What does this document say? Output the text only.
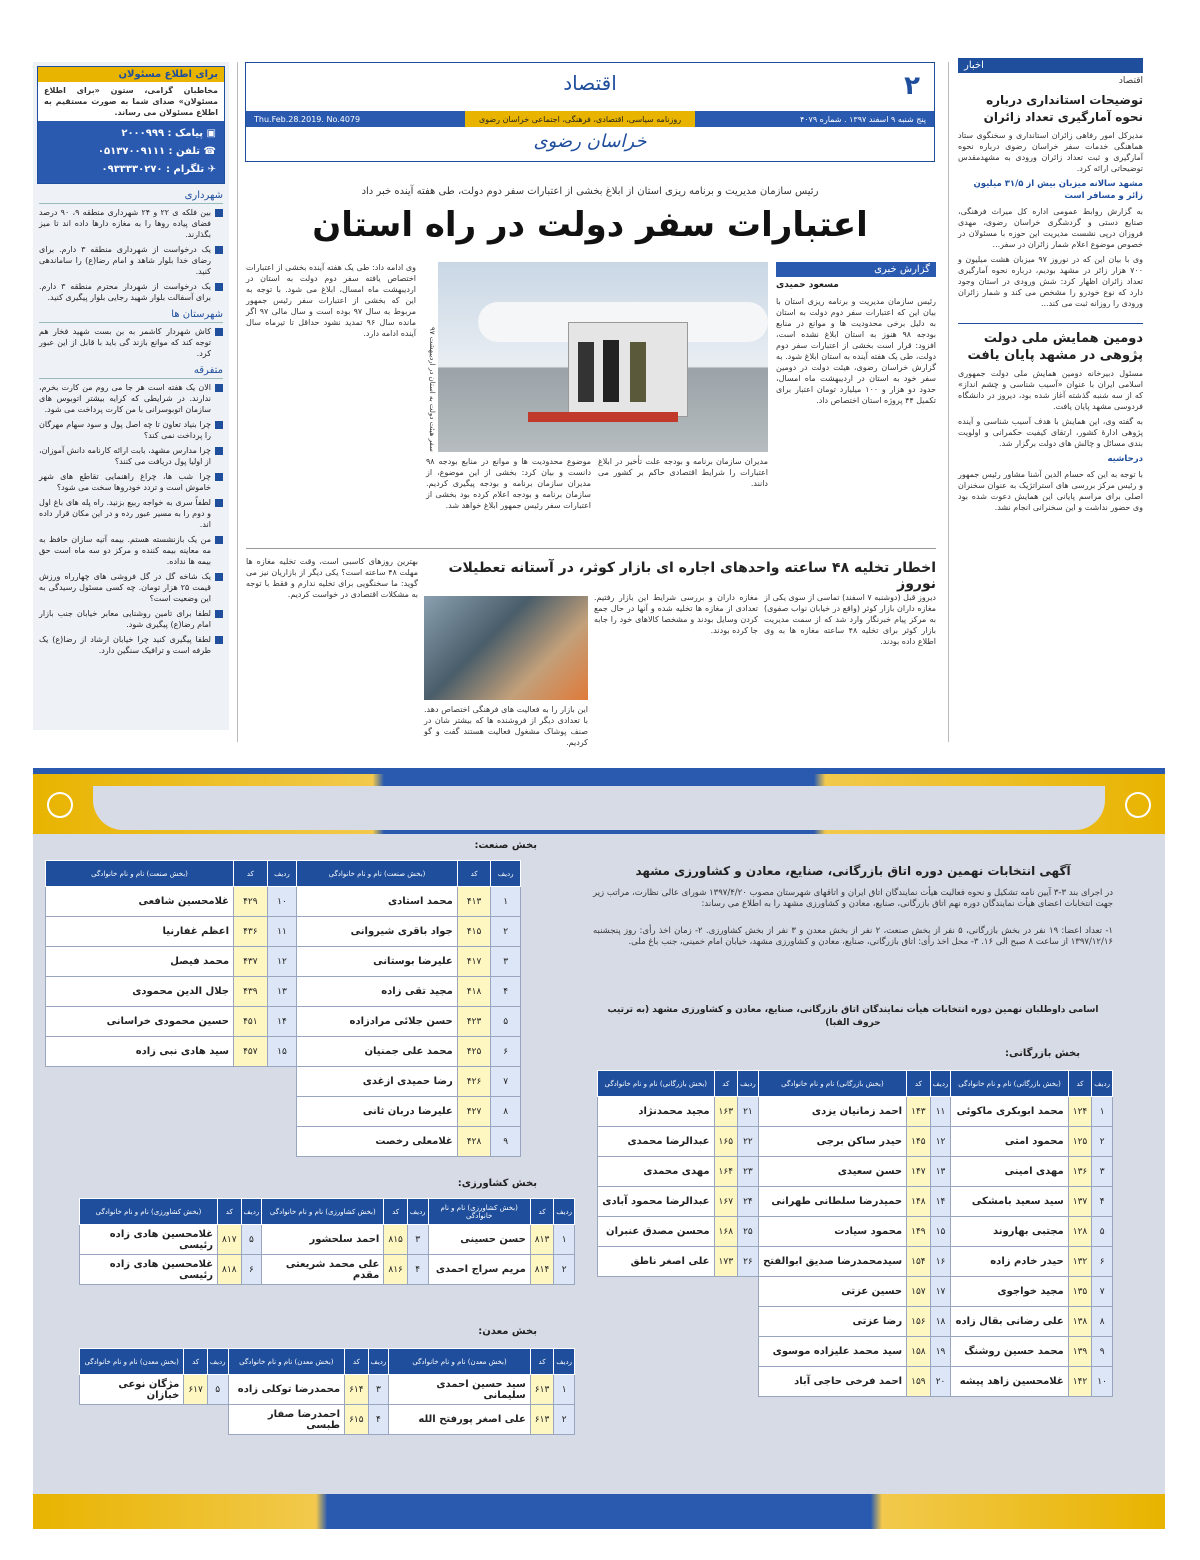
اخبار
اقتصاد
توضیحات استانداری درباره نحوه آمارگیری تعداد زائران
مدیرکل امور رفاهی زائران استانداری و سخنگوی ستاد هماهنگی خدمات سفر خراسان رضوی درباره نحوه آمارگیری و ثبت تعداد زائران ورودی به مشهدمقدس توضیحاتی ارائه کرد.
مشهد سالانه میزبان بیش از ۳۱/۵ میلیون زائر و مسافر است
به گزارش روابط عمومی اداره کل میراث فرهنگی، صنایع دستی و گردشگری خراسان رضوی، مهدی فروزان درپی نشست مدیریت این حوزه با مسئولان در خصوص موضوع اعلام شمار زائران در سفر...
وی با بیان این که در نوروز ۹۷ میزبان هشت میلیون و ۷۰۰ هزار زائر در مشهد بودیم، درباره نحوه آمارگیری تعداد زائران اظهار کرد: شش ورودی در استان وجود دارد که نوع خودرو را مشخص می کند و شمار زائران ورودی را روزانه ثبت می کند...
دومین همایش ملی دولت پژوهی در مشهد پایان یافت
مسئول دبیرخانه دومین همایش ملی دولت جمهوری اسلامی ایران با عنوان «آسیب شناسی و چشم انداز» که از سه شنبه گذشته آغاز شده بود، دیروز در دانشگاه فردوسی مشهد پایان یافت.
به گفته وی، این همایش با هدف آسیب شناسی و آینده پژوهی ادارۀ کشور، ارتقای کیفیت حکمرانی و اولویت بندی مسائل و چالش های دولت برگزار شد.
درحاشیه
با توجه به این که حسام الدین آشنا مشاور رئیس جمهور و رئیس مرکز بررسی های استراتژیک به عنوان سخنران اصلی برای مراسم پایانی این همایش دعوت شده بود وی حضور نداشت و این سخنرانی انجام نشد.
۲
اقتصاد
پنج شنبه ۹ اسفند ۱۳۹۷ . شماره ۴۰۷۹
روزنامه سیاسی، اقتصادی، فرهنگی، اجتماعی خراسان رضوی
Thu.Feb.28.2019. No.4079
خراسان رضوی
برای اطلاع مسئولان
مخاطبان گرامی، ستون «برای اطلاع مسئولان» صدای شما به صورت مستقیم به اطلاع مسئولان می رساند.
▣ پیامک : ۲۰۰۰۹۹۹
☎ تلفن : ۰۵۱۳۷۰۰۹۱۱۱
✈ تلگرام : ۰۹۳۳۳۳۰۲۷۰
شهرداری
بین فلکه ی ۲۲ و ۲۴ شهرداری منطقه ۹، ۹۰ درصد فضای پیاده روها را به مغازه دارها داده اند تا میز بگذارند.
یک درخواست از شهرداری منطقه ۳ دارم. برای رضای خدا بلوار شاهد و امام رضا(ع) را ساماندهی کنید.
یک درخواست از شهردار محترم منطقه ۳ دارم. برای آسفالت بلوار شهید رجایی بلوار پیگیری کنید.
شهرستان ها
کاش شهردار کاشمر به بن بست شهید فخار هم توجه کند که موانع بازند گی باید با قابل از این عبور کرد.
متفرقه
الان یک هفته است هر جا می روم من کارت بخرم، ندارند. در شرایطی که کرایه بیشتر اتوبوس های سازمان اتوبوسرانی با من کارت پرداخت می شود.
چرا بنیاد تعاون تا چه اصل پول و سود سهام مهرگان را پرداخت نمی کند؟
چرا مدارس مشهد، بابت ارائه کارنامه دانش آموزان، از اولیا پول دریافت می کنند؟
چرا شب ها، چراغ راهنمایی تقاطع های شهر خاموش است و تردد خودروها سخت می شود؟
لطفاً سری به خواجه ربیع بزنید. راه پله های باغ اول و دوم را به مسیر عبور رده و در این مکان قرار داده اند.
من یک بازنشسته هستم. بیمه آتیه سازان حافظ به مه معاینه بیمه کننده و مرکز دو سه ماه است حق بیمه ها نداده.
یک شاخه گل در گل فروشی های چهارراه ورزش قیمت ۲۵ هزار تومان. چه کسی مسئول رسیدگی به این وضعیت است؟
لطفا برای تامین روشنایی معابر خیابان جنب بازار امام رضا(ع) پیگیری شود.
لطفا پیگیری کنید چرا خیابان ارشاد از رضا(ع) یک طرفه است و ترافیک سنگین دارد.
رئیس سازمان مدیریت و برنامه ریزی استان از ابلاغ بخشی از اعتبارات سفر دوم دولت، طی هفته آینده خبر داد
اعتبارات سفر دولت در راه استان
گزارش خبری
مسعود حمیدی
رئیس سازمان مدیریت و برنامه ریزی استان با بیان این که اعتبارات سفر دوم دولت به استان به دلیل برخی محدودیت ها و موانع در منابع بودجه ۹۸ هنوز به استان ابلاغ نشده است، افزود: قرار است بخشی از اعتبارات سفر دوم دولت، طی یک هفته آینده به استان ابلاغ شود. به گزارش خراسان رضوی، هیئت دولت در دومین سفر خود به استان در اردیبهشت ماه امسال، حدود دو هزار و ۱۰۰ میلیارد تومان اعتبار برای تکمیل ۴۴ پروژه استان اختصاص داد.
سفر هیئت دولت به استان در اردیبهشت ۹۷
مدیران سازمان برنامه و بودجه علت تأخیر در ابلاغ اعتبارات را شرایط اقتصادی حاکم بر کشور می دانند.
موضوع محدودیت ها و موانع در منابع بودجه ۹۸ دانست و بیان کرد: بخشی از این موضوع، از مدیران سازمان برنامه و بودجه پیگیری کردیم. سازمان برنامه و بودجه اعلام کرده بود بخشی از اعتبارات سفر رئیس جمهور ابلاغ خواهد شد.
وی ادامه داد: طی یک هفته آینده بخشی از اعتبارات اختصاص یافته سفر دوم دولت به استان در اردیبهشت ماه امسال، ابلاغ می شود. با توجه به این که بخشی از اعتبارات سفر رئیس جمهور مربوط به سال ۹۷ بوده است و سال مالی ۹۷ اگر مانده سال ۹۶ تمدید نشود حداقل تا تیرماه سال آینده ادامه دارد.
اخطار تخلیه ۴۸ ساعته واحدهای اجاره ای بازار کوثر، در آستانه تعطیلات نوروز
دیروز قبل (دوشنبه ۷ اسفند) تماسی از سوی یکی از مغازه داران بازار کوثر (واقع در خیابان نواب صفوی) به مرکز پیام خبرنگار وارد شد که از سمت مدیریت بازار کوثر برای تخلیه ۴۸ ساعته مغازه ها به وی اطلاع داده بودند.
مغازه داران و بررسی شرایط این بازار رفتیم. تعدادی از مغازه ها تخلیه شده و آنها در حال جمع کردن وسایل بودند و مشخصا کالاهای خود را جابه جا کرده بودند.
این بازار را به فعالیت های فرهنگی اختصاص دهد. با تعدادی دیگر از فروشنده ها که بیشتر شان در صنف پوشاک مشغول فعالیت هستند گفت و گو کردیم.
بهترین روزهای کاسبی است، وقت تخلیه مغازه ها مهلت ۴۸ ساعته است؟ یکی دیگر از بازاریان نیز می گوید: ما سخنگویی برای تخلیه ندارم و فقط با توجه به مشکلات اقتصادی در خواست کردیم.
آگهی انتخابات نهمین دوره اتاق بازرگانی، صنایع، معادن و کشاورزی مشهد
در اجرای بند ۳-۳ آیین نامه تشکیل و نحوه فعالیت هیأت نمایندگان اتاق ایران و اتاقهای شهرستان مصوب ۱۳۹۷/۴/۲۰ شورای عالی نظارت، مراتب زیر جهت انتخابات اعضای هیأت نمایندگان دوره نهم اتاق بازرگانی، صنایع، معادن و کشاورزی مشهد را به اطلاع می رساند:
۱- تعداد اعضا: ۱۹ نفر در بخش بازرگانی، ۵ نفر از بخش صنعت، ۲ نفر از بخش معدن و ۳ نفر از بخش کشاورزی. ۲- زمان اخذ رأی: روز پنجشنبه ۱۳۹۷/۱۲/۱۶ از ساعت ۸ صبح الی ۱۶. ۳- محل اخذ رأی: اتاق بازرگانی، صنایع، معادن و کشاورزی مشهد، خیابان امام خمینی، جنب باغ ملی.
اسامی داوطلبان نهمین دوره انتخابات هیأت نمایندگان اتاق بازرگانی، صنایع، معادن و کشاورزی مشهد (به ترتیب حروف الفبا)
بخش بازرگانی:
ردیف	کد	(بخش بازرگانی) نام و نام خانوادگی	ردیف	کد	(بخش بازرگانی) نام و نام خانوادگی	ردیف	کد	(بخش بازرگانی) نام و نام خانوادگی
۱	۱۲۴	محمد ابوبکری ماکوئی	۱۱	۱۴۳	احمد زمانیان یزدی	۲۱	۱۶۳	مجید محمدنژاد
۲	۱۲۵	محمود امتی	۱۲	۱۴۵	حیدر ساکن برجی	۲۲	۱۶۵	عبدالرضا محمدی
۳	۱۳۶	مهدی امینی	۱۳	۱۴۷	حسن سعیدی	۲۳	۱۶۴	مهدی محمدی
۴	۱۳۷	سید سعید بامشکی	۱۴	۱۴۸	حمیدرضا سلطانی طهرانی	۲۴	۱۶۷	عبدالرضا محمود آبادی
۵	۱۲۸	مجتبی بهاروند	۱۵	۱۴۹	محمود سیادت	۲۵	۱۶۸	محسن مصدق عنبران
۶	۱۳۲	حیدر خادم زاده	۱۶	۱۵۴	سیدمحمدرضا صدیق ابوالفتح	۲۶	۱۷۳	علی اصغر ناطق
۷	۱۳۵	مجید خواجوی	۱۷	۱۵۷	حسین عزتی			
۸	۱۳۸	علی رضانی بقال زاده	۱۸	۱۵۶	رضا عزتی			
۹	۱۳۹	محمد حسین روشنگ	۱۹	۱۵۸	سید محمد علیزاده موسوی			
۱۰	۱۴۲	غلامحسین زاهد پیشه	۲۰	۱۵۹	احمد فرخی حاجی آباد			
بخش صنعت:
ردیف	کد	(بخش صنعت) نام و نام خانوادگی	ردیف	کد	(بخش صنعت) نام و نام خانوادگی
۱	۴۱۳	محمد استادی	۱۰	۴۲۹	غلامحسین شافعی
۲	۴۱۵	جواد باقری شیروانی	۱۱	۴۳۶	اعظم غفارنیا
۳	۴۱۷	علیرضا بوستانی	۱۲	۴۳۷	محمد فیصل
۴	۴۱۸	مجید تقی زاده	۱۳	۴۳۹	جلال الدین محمودی
۵	۴۲۳	حسن جلائی مرادزاده	۱۴	۴۵۱	حسین محمودی خراسانی
۶	۴۲۵	محمد علی جمنیان	۱۵	۴۵۷	سید هادی نبی زاده
۷	۴۲۶	رضا حمیدی ازغدی			
۸	۴۲۷	علیرضا دربان ثانی			
۹	۴۲۸	غلامعلی رخصت			
بخش کشاورزی:
ردیف	کد	(بخش کشاورزی) نام و نام خانوادگی	ردیف	کد	(بخش کشاورزی) نام و نام خانوادگی	ردیف	کد	(بخش کشاورزی) نام و نام خانوادگی
۱	۸۱۳	حسن حسینی	۳	۸۱۵	احمد سلحشور	۵	۸۱۷	غلامحسین هادی زاده رئیسی
۲	۸۱۴	مریم سراج احمدی	۴	۸۱۶	علی محمد شریعتی مقدم	۶	۸۱۸	غلامحسین هادی زاده رئیسی
بخش معدن:
ردیف	کد	(بخش معدن) نام و نام خانوادگی	ردیف	کد	(بخش معدن) نام و نام خانوادگی	ردیف	کد	(بخش معدن) نام و نام خانوادگی
۱	۶۱۳	سید حسین احمدی سلیمانی	۳	۶۱۴	محمدرضا توکلی زاده	۵	۶۱۷	مژگان نوعی خبازان
۲	۶۱۳	علی اصغر پورفتح الله	۴	۶۱۵	احمدرضا صفار طبسی			
